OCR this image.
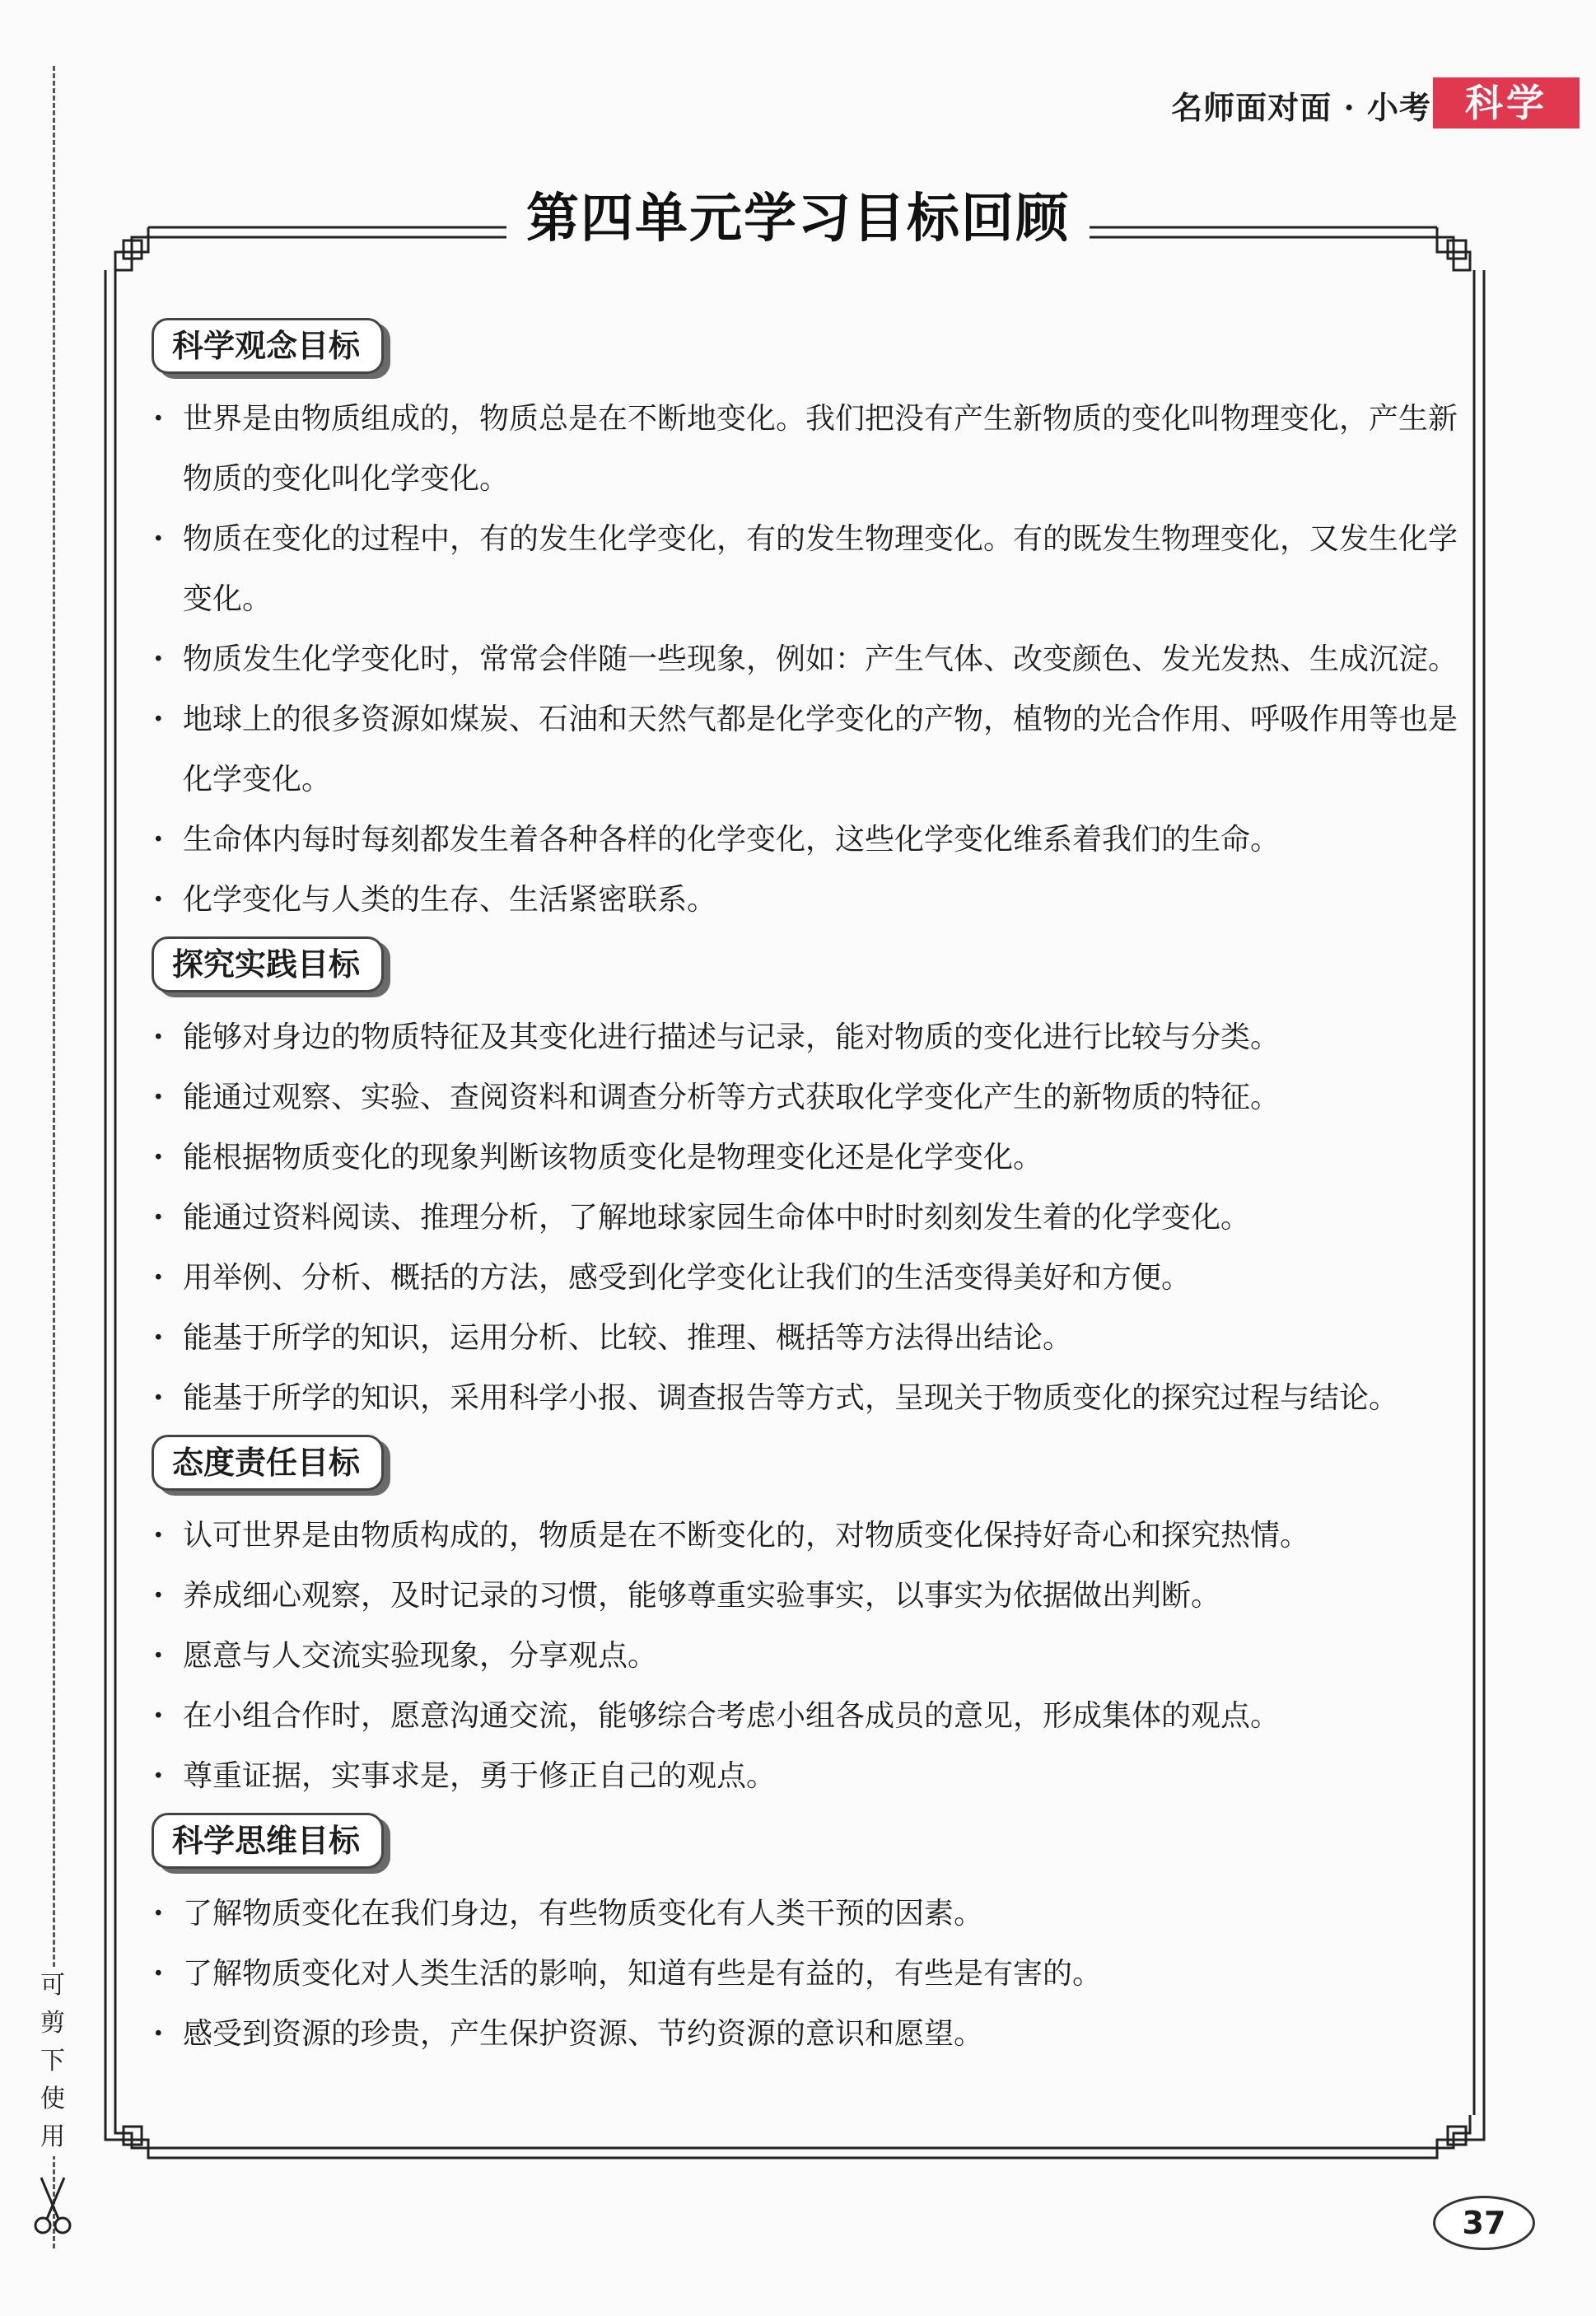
可
剪
下
使
用
名师面对面 · 小考 科学
第四单元学习目标回顾
科学观念目标

· 世界是由物质组成的，物质总是在不断地变化。我们把没有产生新物质的变化叫物理变化，产生新物质的变化叫化学变化。

· 物质在变化的过程中，有的发生化学变化，有的发生物理变化。有的既发生物理变化，又发生化学变化。

· 物质发生化学变化时，常常会伴随一些现象，例如：产生气体、改变颜色、发光发热、生成沉淀。

· 地球上的很多资源如煤炭、石油和天然气都是化学变化的产物，植物的光合作用、呼吸作用等也是化学变化。

· 生命体内每时每刻都发生着各种各样的化学变化，这些化学变化维系着我们的生命。

· 化学变化与人类的生存、生活紧密联系。

探究实践目标

· 能够对身边的物质特征及其变化进行描述与记录，能对物质的变化进行比较与分类。

· 能通过观察、实验、查阅资料和调查分析等方式获取化学变化产生的新物质的特征。

· 能根据物质变化的现象判断该物质变化是物理变化还是化学变化。

· 能通过资料阅读、推理分析，了解地球家园生命体中时时刻刻发生着的化学变化。

· 用举例、分析、概括的方法，感受到化学变化让我们的生活变得美好和方便。

· 能基于所学的知识，运用分析、比较、推理、概括等方法得出结论。

· 能基于所学的知识，采用科学小报、调查报告等方式，呈现关于物质变化的探究过程与结论。

态度责任目标

· 认可世界是由物质构成的，物质是在不断变化的，对物质变化保持好奇心和探究热情。

· 养成细心观察，及时记录的习惯，能够尊重实验事实，以事实为依据做出判断。

· 愿意与人交流实验现象，分享观点。

· 在小组合作时，愿意沟通交流，能够综合考虑小组各成员的意见，形成集体的观点。

· 尊重证据，实事求是，勇于修正自己的观点。

科学思维目标

· 了解物质变化在我们身边，有些物质变化有人类干预的因素。

· 了解物质变化对人类生活的影响，知道有些是有益的，有些是有害的。

· 感受到资源的珍贵，产生保护资源、节约资源的意识和愿望。

37
